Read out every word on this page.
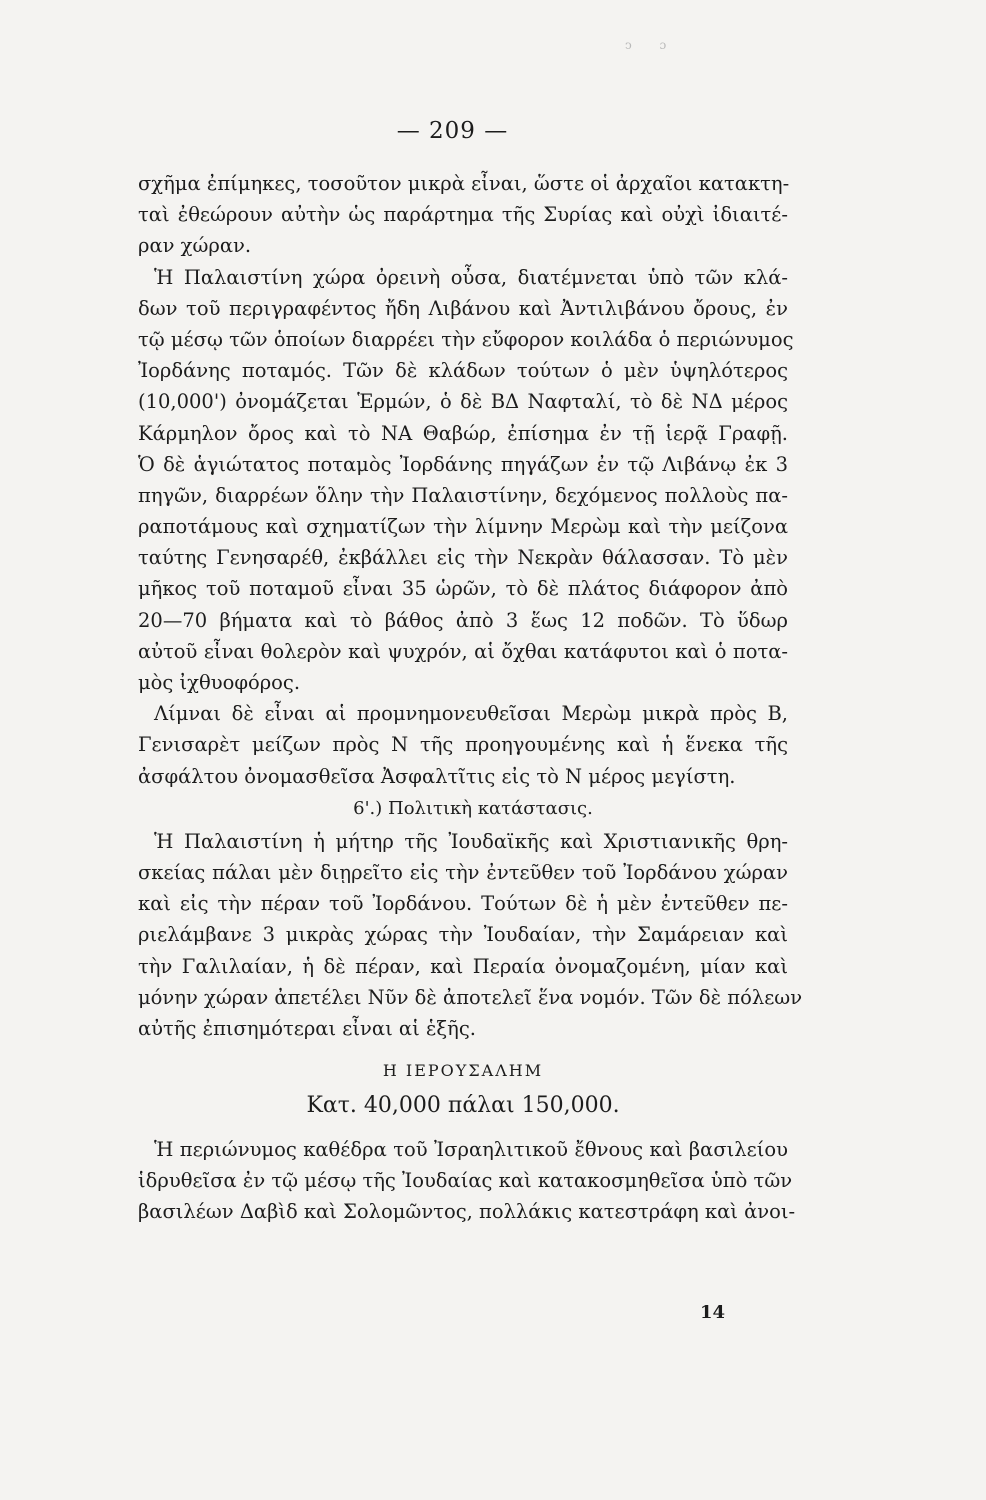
ͻ ɔ
— 209 —
σχῆμα ἐπίμηκες, τοσοῦτον μικρὰ εἶναι, ὥστε οἱ ἀρχαῖοι κατακτη-
ταὶ ἐθεώρουν αὐτὴν ὡς παράρτημα τῆς Συρίας καὶ οὐχὶ ἰδιαιτέ-
ραν χώραν.
Ἡ Παλαιστίνη χώρα ὀρεινὴ οὖσα, διατέμνεται ὑπὸ τῶν κλά-
δων τοῦ περιγραφέντος ἤδη Λιβάνου καὶ Ἀντιλιβάνου ὄρους, ἐν
τῷ μέσῳ τῶν ὁποίων διαρρέει τὴν εὔφορον κοιλάδα ὁ περιώνυμος
Ἰορδάνης ποταμός. Τῶν δὲ κλάδων τούτων ὁ μὲν ὑψηλότερος
(10,000') ὀνομάζεται Ἑρμών, ὁ δὲ ΒΔ Ναφταλί, τὸ δὲ ΝΔ μέρος
Κάρμηλον ὄρος καὶ τὸ ΝΑ Θαβώρ, ἐπίσημα ἐν τῇ ἱερᾷ Γραφῇ.
Ὁ δὲ ἁγιώτατος ποταμὸς Ἰορδάνης πηγάζων ἐν τῷ Λιβάνῳ ἐκ 3
πηγῶν, διαρρέων ὅλην τὴν Παλαιστίνην, δεχόμενος πολλοὺς πα-
ραποτάμους καὶ σχηματίζων τὴν λίμνην Μερὼμ καὶ τὴν μείζονα
ταύτης Γενησαρέθ, ἐκβάλλει εἰς τὴν Νεκρὰν θάλασσαν. Τὸ μὲν
μῆκος τοῦ ποταμοῦ εἶναι 35 ὡρῶν, τὸ δὲ πλάτος διάφορον ἀπὸ
20—70 βήματα καὶ τὸ βάθος ἀπὸ 3 ἕως 12 ποδῶν. Τὸ ὕδωρ
αὐτοῦ εἶναι θολερὸν καὶ ψυχρόν, αἱ ὄχθαι κατάφυτοι καὶ ὁ ποτα-
μὸς ἰχθυοφόρος.
Λίμναι δὲ εἶναι αἱ προμνημονευθεῖσαι Μερὼμ μικρὰ πρὸς Β,
Γενισαρὲτ μείζων πρὸς Ν τῆς προηγουμένης καὶ ἡ ἕνεκα τῆς
ἀσφάλτου ὀνομασθεῖσα Ἀσφαλτῖτις εἰς τὸ Ν μέρος μεγίστη.
6'.) Πολιτικὴ κατάστασις.
Ἡ Παλαιστίνη ἡ μήτηρ τῆς Ἰουδαϊκῆς καὶ Χριστιανικῆς θρη-
σκείας πάλαι μὲν διῃρεῖτο εἰς τὴν ἐντεῦθεν τοῦ Ἰορδάνου χώραν
καὶ εἰς τὴν πέραν τοῦ Ἰορδάνου. Τούτων δὲ ἡ μὲν ἐντεῦθεν πε-
ριελάμβανε 3 μικρὰς χώρας τὴν Ἰουδαίαν, τὴν Σαμάρειαν καὶ
τὴν Γαλιλαίαν, ἡ δὲ πέραν, καὶ Περαία ὀνομαζομένη, μίαν καὶ
μόνην χώραν ἀπετέλει Νῦν δὲ ἀποτελεῖ ἕνα νομόν. Τῶν δὲ πόλεων
αὐτῆς ἐπισημότεραι εἶναι αἱ ἑξῆς.
Η ΙΕΡΟΥΣΑΛΗΜ
Κατ. 40,000 πάλαι 150,000.
Ἡ περιώνυμος καθέδρα τοῦ Ἰσραηλιτικοῦ ἔθνους καὶ βασιλείου
ἱδρυθεῖσα ἐν τῷ μέσῳ τῆς Ἰουδαίας καὶ κατακοσμηθεῖσα ὑπὸ τῶν
βασιλέων Δαβὶδ καὶ Σολομῶντος, πολλάκις κατεστράφη καὶ ἀνοι-
14
